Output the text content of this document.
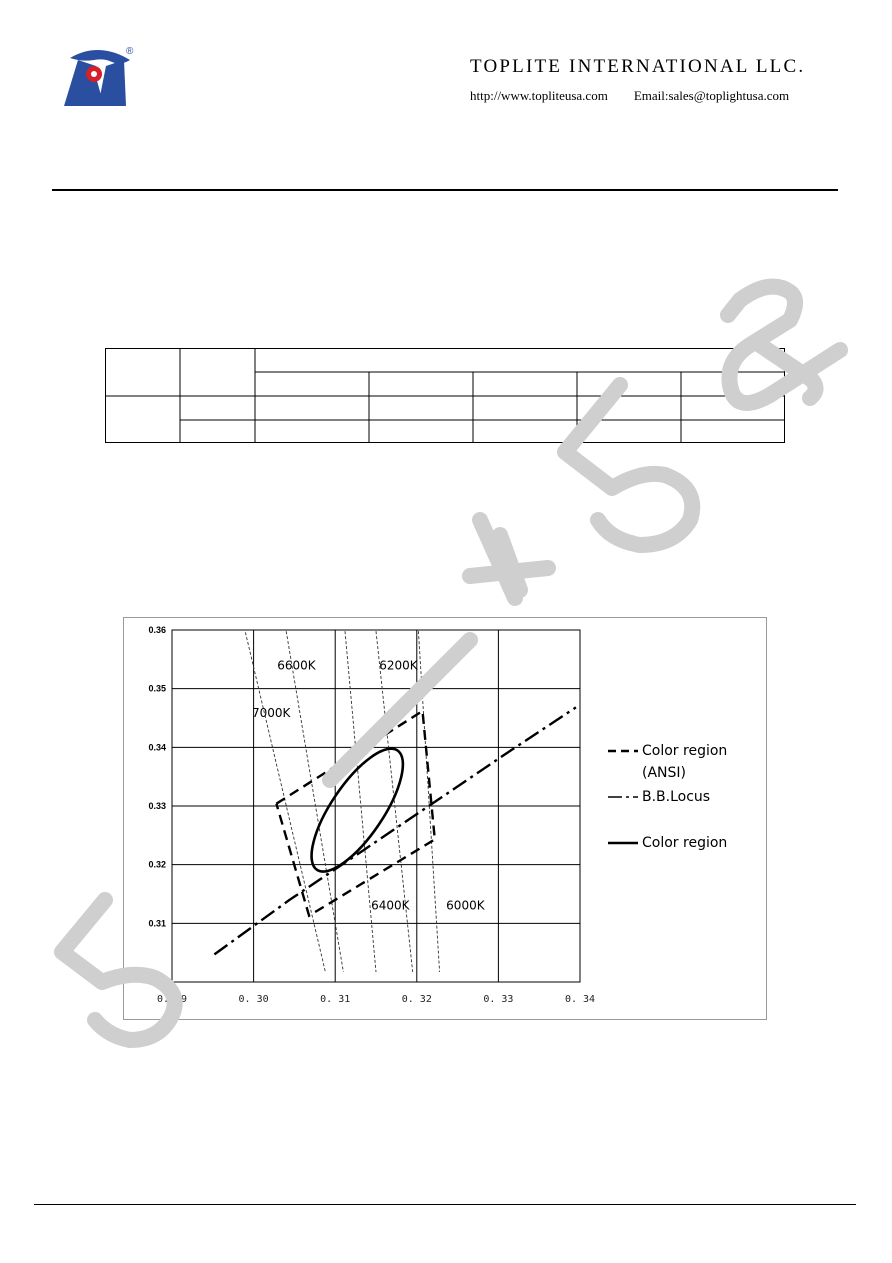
®
TOPLITE INTERNATIONAL LLC.
http://www.topliteusa.com Email:sales@toplightusa.com
0. 29	0. 30	0. 31	0. 32	0. 33	0. 34
0.30
0.31
0.32
0.33
0.34
0.35
0.36
6600K	6200K
7000K
6400K	6000K
Color region
(ANSI)
B.B.Locus
Color region
